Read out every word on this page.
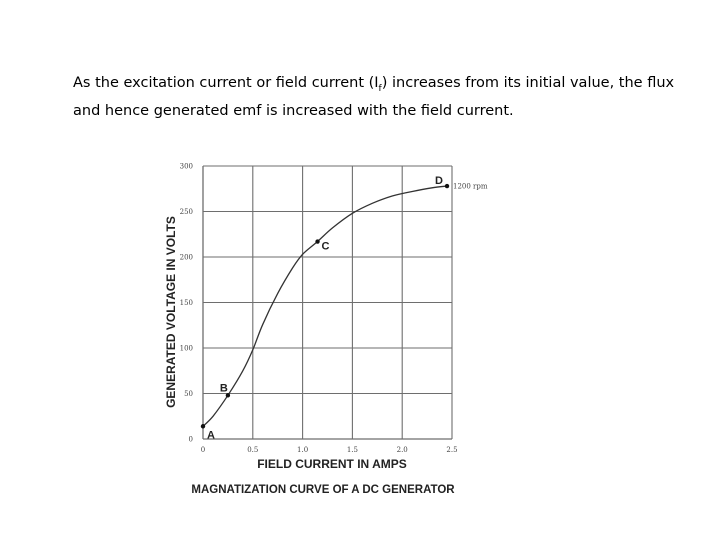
As the excitation current or field current $(I_f)$ increases from its initial value, the flux and hence generated emf is increased with the field current.
0	0.5	1.0	1.5	2.0	2.5
0
50
100
150
200
250
300
A
B
C
D 1200 rpm
FIELD CURRENT IN AMPS
GENERATED VOLTAGE IN VOLTS
MAGNATIZATION CURVE OF A DC GENERATOR
